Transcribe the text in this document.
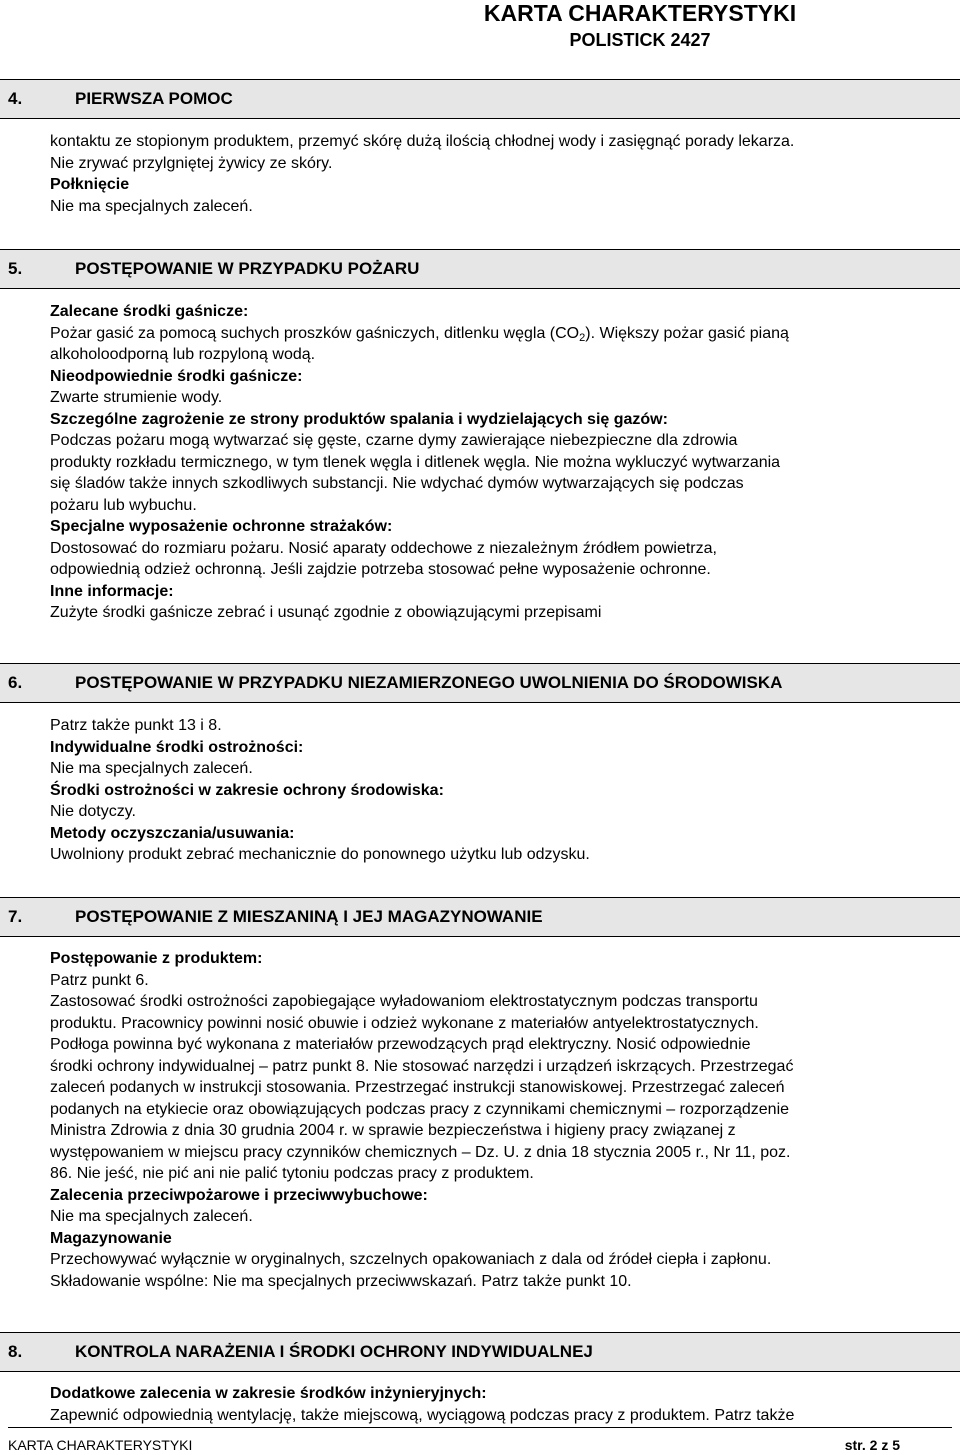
KARTA CHARAKTERYSTYKI
POLISTICK 2427
4.	PIERWSZA POMOC
kontaktu ze stopionym produktem, przemyć skórę dużą ilością chłodnej wody i zasięgnąć porady lekarza.
Nie zrywać przylgniętej żywicy ze skóry.
Połknięcie
Nie ma specjalnych zaleceń.
5.	POSTĘPOWANIE W PRZYPADKU POŻARU
Zalecane środki gaśnicze:
Pożar gasić za pomocą suchych proszków gaśniczych, ditlenku węgla $(CO_2)$. Większy pożar gasić pianą
alkoholoodporną lub rozpyloną wodą.
Nieodpowiednie środki gaśnicze:
Zwarte strumienie wody.
Szczególne zagrożenie ze strony produktów spalania i wydzielających się gazów:
Podczas pożaru mogą wytwarzać się gęste, czarne dymy zawierające niebezpieczne dla zdrowia
produkty rozkładu termicznego, w tym tlenek węgla i ditlenek węgla. Nie można wykluczyć wytwarzania
się śladów także innych szkodliwych substancji. Nie wdychać dymów wytwarzających się podczas
pożaru lub wybuchu.
Specjalne wyposażenie ochronne strażaków:
Dostosować do rozmiaru pożaru. Nosić aparaty oddechowe z niezależnym źródłem powietrza,
odpowiednią odzież ochronną. Jeśli zajdzie potrzeba stosować pełne wyposażenie ochronne.
Inne informacje:
Zużyte środki gaśnicze zebrać i usunąć zgodnie z obowiązującymi przepisami
6.	POSTĘPOWANIE W PRZYPADKU NIEZAMIERZONEGO UWOLNIENIA DO ŚRODOWISKA
Patrz także punkt 13 i 8.
Indywidualne środki ostrożności:
Nie ma specjalnych zaleceń.
Środki ostrożności w zakresie ochrony środowiska:
Nie dotyczy.
Metody oczyszczania/usuwania:
Uwolniony produkt zebrać mechanicznie do ponownego użytku lub odzysku.
7.	POSTĘPOWANIE Z MIESZANINĄ I JEJ MAGAZYNOWANIE
Postępowanie z produktem:
Patrz punkt 6.
Zastosować środki ostrożności zapobiegające wyładowaniom elektrostatycznym podczas transportu
produktu. Pracownicy powinni nosić obuwie i odzież wykonane z materiałów antyelektrostatycznych.
Podłoga powinna być wykonana z materiałów przewodzących prąd elektryczny. Nosić odpowiednie
środki ochrony indywidualnej – patrz punkt 8. Nie stosować narzędzi i urządzeń iskrzących. Przestrzegać
zaleceń podanych w instrukcji stosowania. Przestrzegać instrukcji stanowiskowej. Przestrzegać zaleceń
podanych na etykiecie oraz obowiązujących podczas pracy z czynnikami chemicznymi – rozporządzenie
Ministra Zdrowia z dnia 30 grudnia 2004 r. w sprawie bezpieczeństwa i higieny pracy związanej z
występowaniem w miejscu pracy czynników chemicznych – Dz. U. z dnia 18 stycznia 2005 r., Nr 11, poz.
86. Nie jeść, nie pić ani nie palić tytoniu podczas pracy z produktem.
Zalecenia przeciwpożarowe i przeciwwybuchowe:
Nie ma specjalnych zaleceń.
Magazynowanie
Przechowywać wyłącznie w oryginalnych, szczelnych opakowaniach z dala od źródeł ciepła i zapłonu.
Składowanie wspólne: Nie ma specjalnych przeciwwskazań. Patrz także punkt 10.
8.	KONTROLA NARAŻENIA I ŚRODKI OCHRONY INDYWIDUALNEJ
Dodatkowe zalecenia w zakresie środków inżynieryjnych:
Zapewnić odpowiednią wentylację, także miejscową, wyciągową podczas pracy z produktem. Patrz także
KARTA CHARAKTERYSTYKI	str. 2 z 5
